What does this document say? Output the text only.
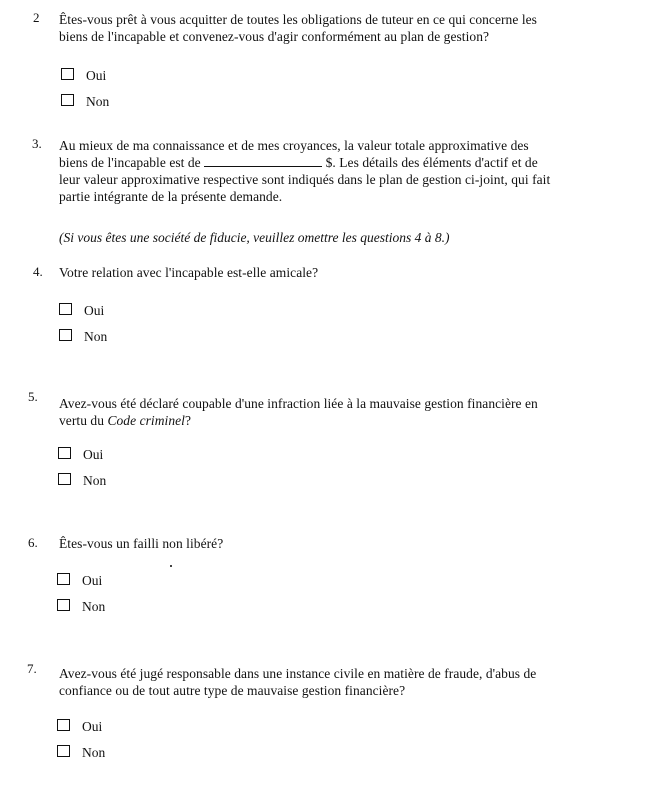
2 Êtes-vous prêt à vous acquitter de toutes les obligations de tuteur en ce qui concerne les
biens de l'incapable et convenez-vous d'agir conformément au plan de gestion?
Oui
Non
3. Au mieux de ma connaissance et de mes croyances, la valeur totale approximative des
biens de l'incapable est de	$. Les détails des éléments d'actif et de
leur valeur approximative respective sont indiqués dans le plan de gestion ci-joint, qui fait
partie intégrante de la présente demande.
(Si vous êtes une société de fiducie, veuillez omettre les questions 4 à 8.)
4. Votre relation avec l'incapable est-elle amicale?
Oui
Non
5. Avez-vous été déclaré coupable d'une infraction liée à la mauvaise gestion financière en
vertu du Code criminel?
Oui
Non
6. Êtes-vous un failli non libéré?
Oui
Non
7. Avez-vous été jugé responsable dans une instance civile en matière de fraude, d'abus de
confiance ou de tout autre type de mauvaise gestion financière?
Oui
Non
